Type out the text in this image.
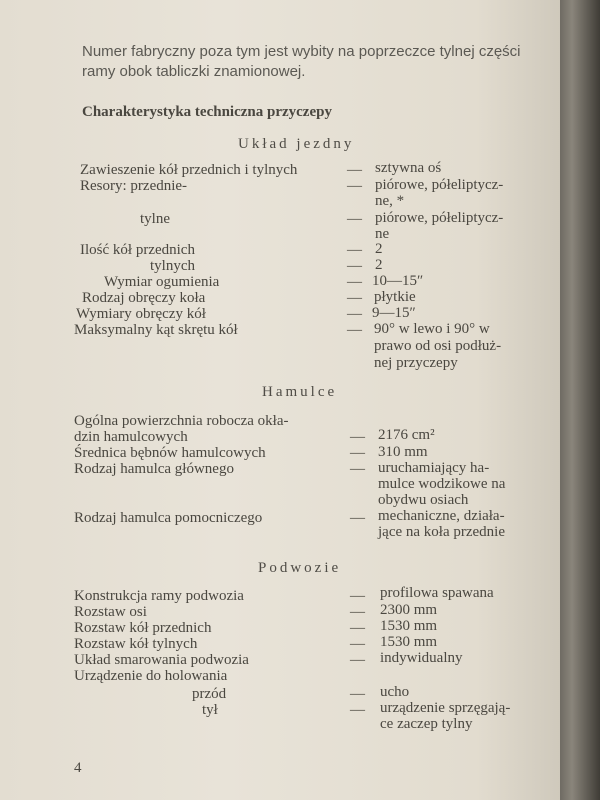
Numer fabryczny poza tym jest wybity na poprzeczce tylnej części ramy obok tabliczki znamionowej.

Charakterystyka techniczna przyczepy

Układ jezdny

Zawieszenie kół przednich i tylnych	— sztywna oś

Resory: przednie-	— piórowe, półeliptycz-

ne, *

tylne	— piórowe, półeliptycz-

ne

Ilość kół przednich	— 2

tylnych	— 2

Wymiar ogumienia	— 10—15″

Rodzaj obręczy koła	— płytkie

Wymiary obręczy kół	— 9—15″

Maksymalny kąt skrętu kół	— 90° w lewo i 90° w

prawo od osi podłuż-

nej przyczepy

Hamulce

Ogólna powierzchnia robocza okła-

dzin hamulcowych	— 2176 cm²

Średnica bębnów hamulcowych	— 310 mm

Rodzaj hamulca głównego	— uruchamiający ha-

mulce wodzikowe na

obydwu osiach

Rodzaj hamulca pomocniczego	— mechaniczne, działa-

jące na koła przednie

Podwozie

Konstrukcja ramy podwozia	— profilowa spawana

Rozstaw osi	— 2300 mm

Rozstaw kół przednich	— 1530 mm

Rozstaw kół tylnych	— 1530 mm

Układ smarowania podwozia	— indywidualny

Urządzenie do holowania

przód	— ucho

tył	— urządzenie sprzęgają-

ce zaczep tylny

4
